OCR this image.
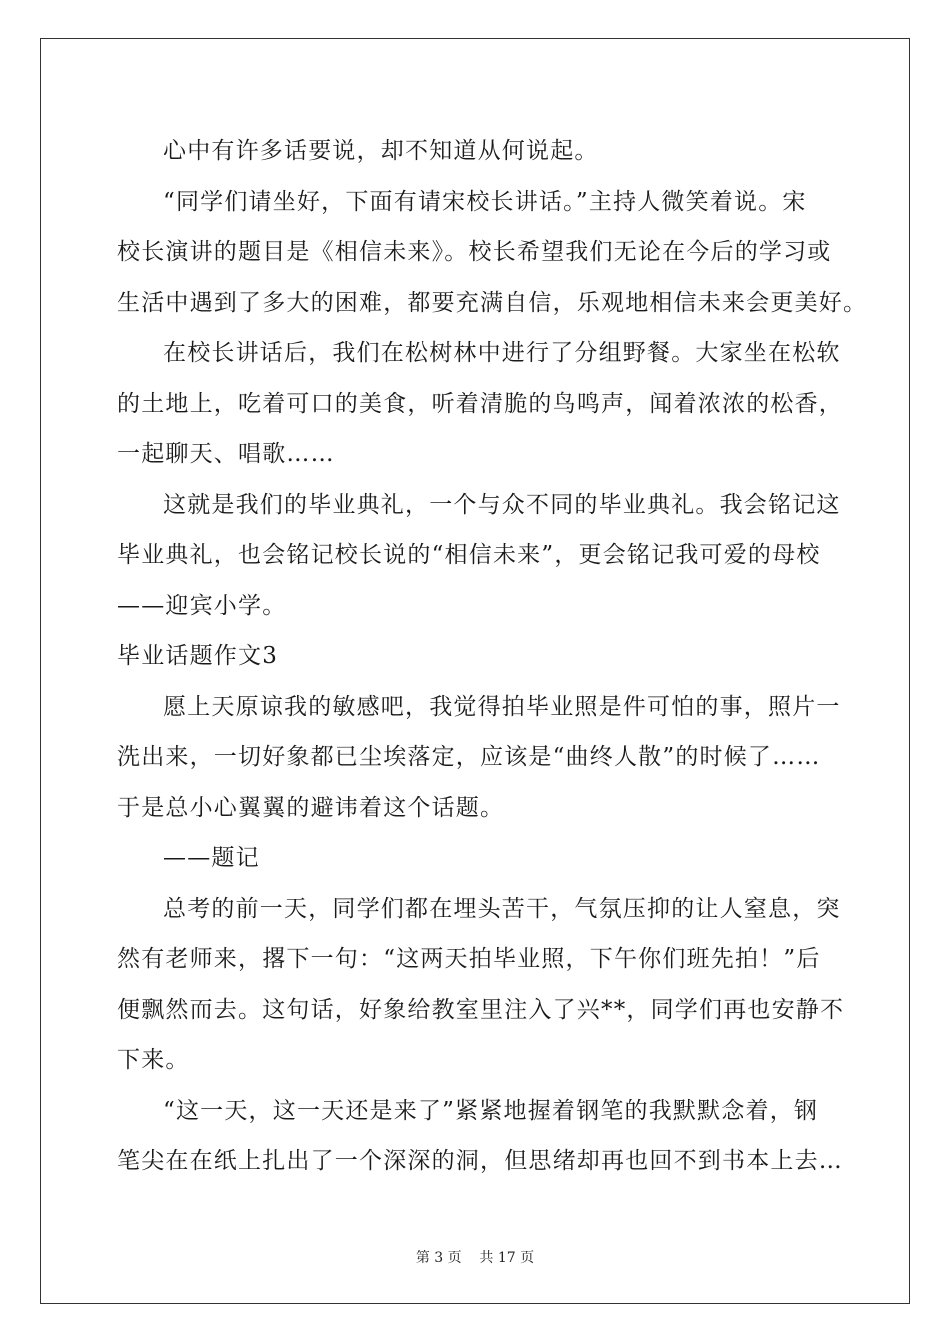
心中有许多话要说，却不知道从何说起。
“同学们请坐好，下面有请宋校长讲话。”主持人微笑着说。宋
校长演讲的题目是《相信未来》。校长希望我们无论在今后的学习或
生活中遇到了多大的困难，都要充满自信，乐观地相信未来会更美好。
在校长讲话后，我们在松树林中进行了分组野餐。大家坐在松软
的土地上，吃着可口的美食，听着清脆的鸟鸣声，闻着浓浓的松香，
一起聊天、唱歌……
这就是我们的毕业典礼，一个与众不同的毕业典礼。我会铭记这
毕业典礼，也会铭记校长说的“相信未来”，更会铭记我可爱的母校
——迎宾小学。
毕业话题作文3
愿上天原谅我的敏感吧，我觉得拍毕业照是件可怕的事，照片一
洗出来，一切好象都已尘埃落定，应该是“曲终人散”的时候了……
于是总小心翼翼的避讳着这个话题。
——题记
总考的前一天，同学们都在埋头苦干，气氛压抑的让人窒息，突
然有老师来，撂下一句：“这两天拍毕业照，下午你们班先拍！”后
便飘然而去。这句话，好象给教室里注入了兴**，同学们再也安静不
下来。
“这一天，这一天还是来了”紧紧地握着钢笔的我默默念着，钢
笔尖在在纸上扎出了一个深深的洞，但思绪却再也回不到书本上去…
第 3 页    共 17 页
